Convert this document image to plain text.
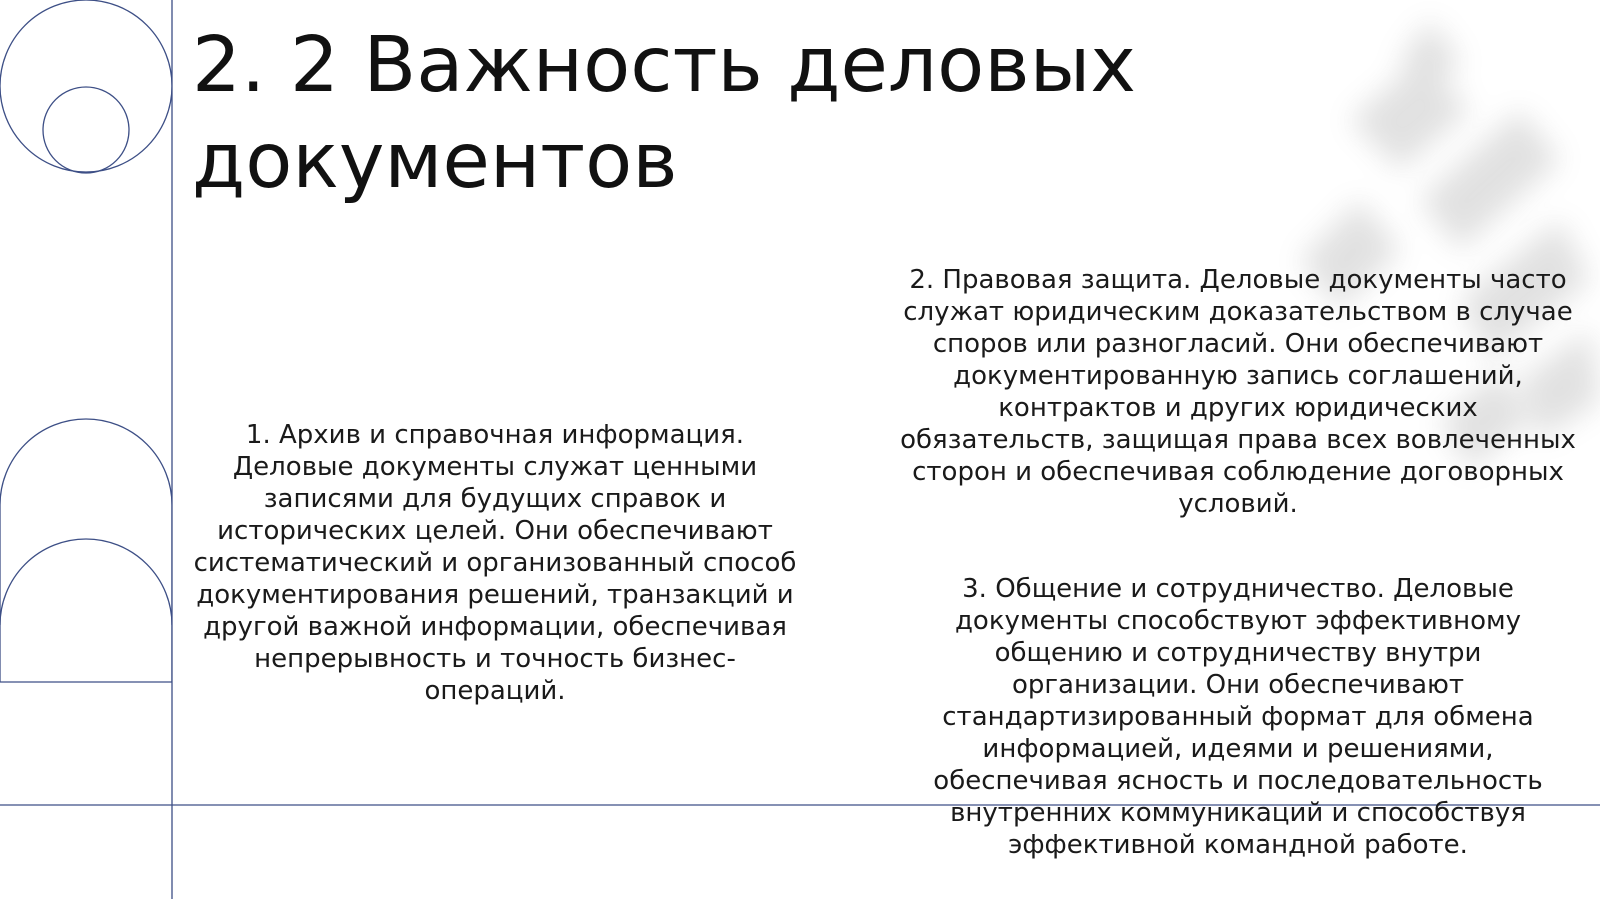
2. 2 Важность деловых документов

1. Архив и справочная информация. Деловые документы служат ценными записями для будущих справок и исторических целей. Они обеспечивают систематический и организованный способ документирования решений, транзакций и другой важной информации, обеспечивая непрерывность и точность бизнес-операций.

2. Правовая защита. Деловые документы часто служат юридическим доказательством в случае споров или разногласий. Они обеспечивают документированную запись соглашений, контрактов и других юридических обязательств, защищая права всех вовлеченных сторон и обеспечивая соблюдение договорных условий.

3. Общение и сотрудничество. Деловые документы способствуют эффективному общению и сотрудничеству внутри организации. Они обеспечивают стандартизированный формат для обмена информацией, идеями и решениями, обеспечивая ясность и последовательность внутренних коммуникаций и способствуя эффективной командной работе.
